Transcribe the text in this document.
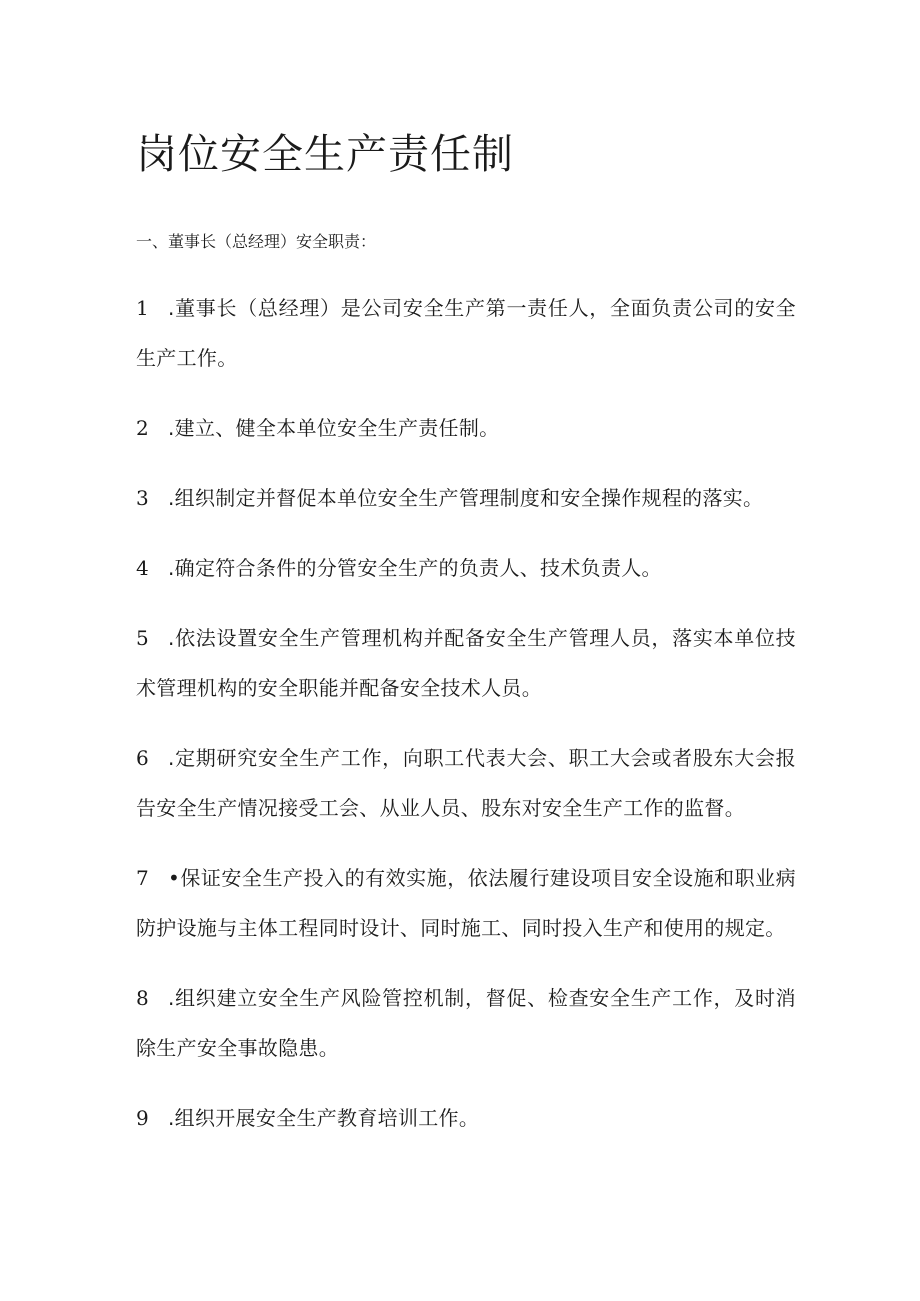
岗位安全生产责任制
一、董事长（总经理）安全职责：
1 .董事长（总经理）是公司安全生产第一责任人，全面负责公司的安全生产工作。
2 .建立、健全本单位安全生产责任制。
3 .组织制定并督促本单位安全生产管理制度和安全操作规程的落实。
4 .确定符合条件的分管安全生产的负责人、技术负责人。
5 .依法设置安全生产管理机构并配备安全生产管理人员，落实本单位技术管理机构的安全职能并配备安全技术人员。
6 .定期研究安全生产工作，向职工代表大会、职工大会或者股东大会报告安全生产情况接受工会、从业人员、股东对安全生产工作的监督。
7 •保证安全生产投入的有效实施，依法履行建设项目安全设施和职业病防护设施与主体工程同时设计、同时施工、同时投入生产和使用的规定。
8 .组织建立安全生产风险管控机制，督促、检查安全生产工作，及时消除生产安全事故隐患。
9 .组织开展安全生产教育培训工作。
